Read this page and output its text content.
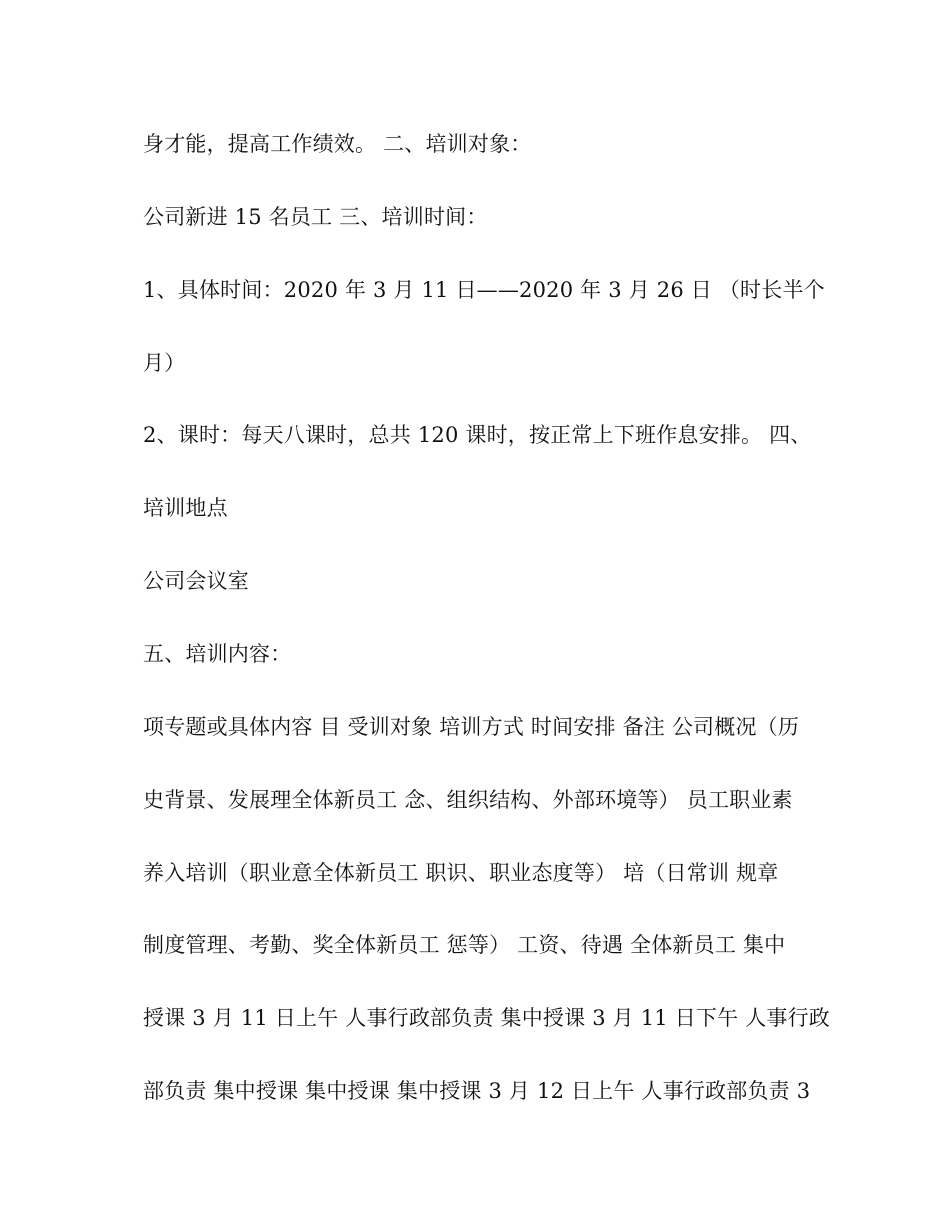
身才能，提高工作绩效。 二、培训对象：
公司新进 15 名员工 三、培训时间：
1、具体时间：2020 年 3 月 11 日——2020 年 3 月 26 日 （时长半个
月）
2、课时：每天八课时，总共 120 课时，按正常上下班作息安排。 四、
培训地点
公司会议室
五、培训内容：
项专题或具体内容 目 受训对象 培训方式 时间安排 备注 公司概况（历
史背景、发展理全体新员工 念、组织结构、外部环境等） 员工职业素
养入培训（职业意全体新员工 职识、职业态度等） 培（日常训 规章
制度管理、考勤、奖全体新员工 惩等） 工资、待遇 全体新员工 集中
授课 3 月 11 日上午 人事行政部负责 集中授课 3 月 11 日下午 人事行政
部负责 集中授课 集中授课 集中授课 3 月 12 日上午 人事行政部负责 3
